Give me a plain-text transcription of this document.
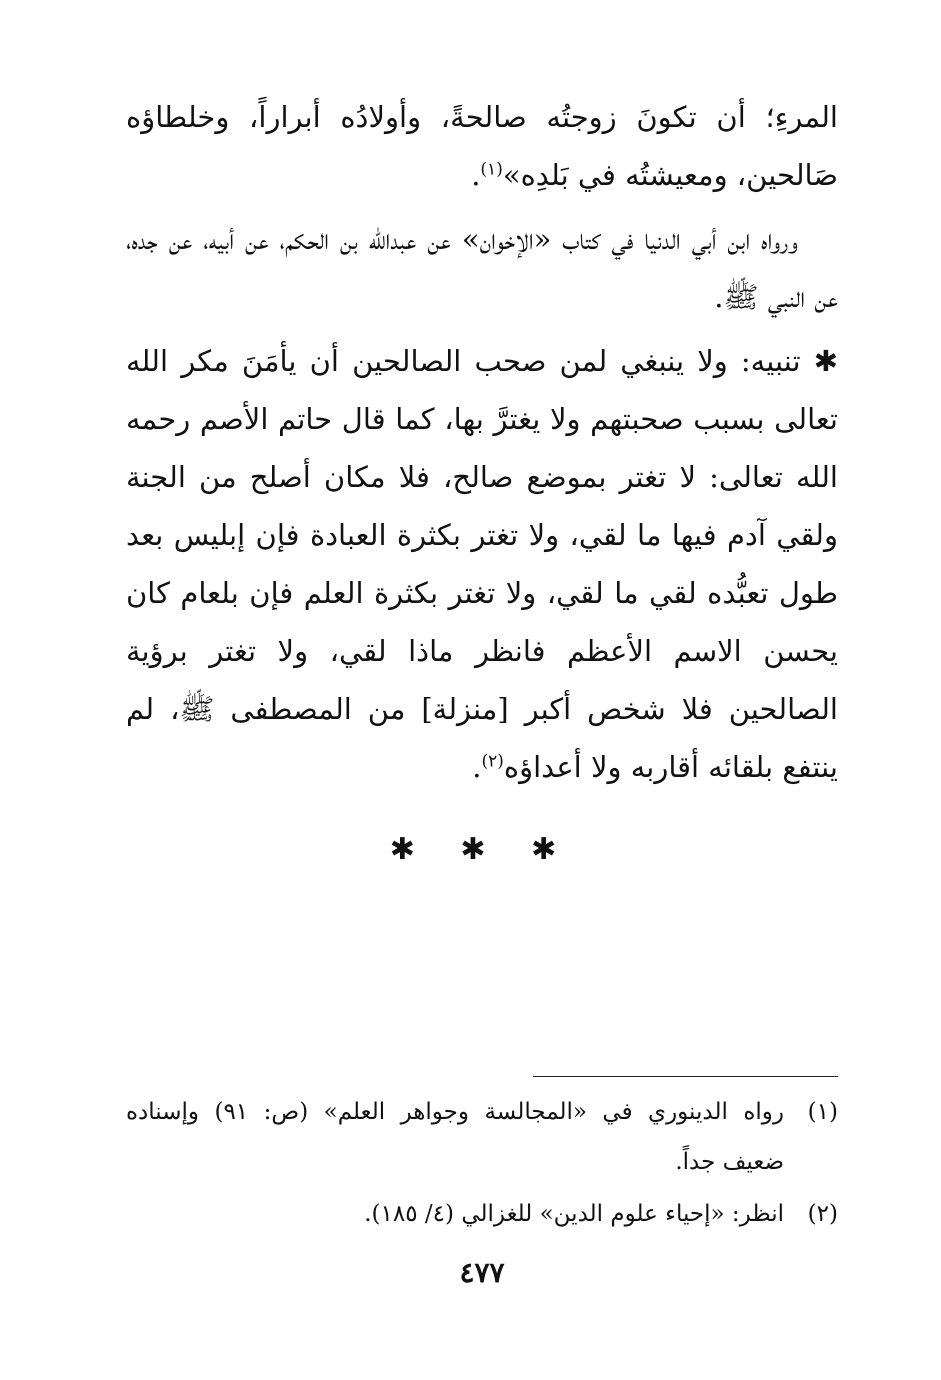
المرءِ؛ أن تكونَ زوجتُه صالحةً، وأولادُه أبراراً، وخلطاؤه صَالحين، ومعيشتُه في بَلدِه»$^{(١)}$.

ورواه ابن أبي الدنيا في كتاب «الإخوان» عن عبدالله بن الحكم، عن أبيه، عن جده، عن النبي ﷺ.

✱ تنبيه: ولا ينبغي لمن صحب الصالحين أن يأمَنَ مكر الله تعالى بسبب صحبتهم ولا يغترَّ بها، كما قال حاتم الأصم رحمه الله تعالى: لا تغتر بموضع صالح، فلا مكان أصلح من الجنة ولقي آدم فيها ما لقي، ولا تغتر بكثرة العبادة فإن إبليس بعد طول تعبُّده لقي ما لقي، ولا تغتر بكثرة العلم فإن بلعام كان يحسن الاسم الأعظم فانظر ماذا لقي، ولا تغتر برؤية الصالحين فلا شخص أكبر [منزلة] من المصطفى ﷺ، لم ينتفع بلقائه أقاربه ولا أعداؤه$^{(٢)}$.

✱ ✱ ✱
(١)
رواه الدينوري في «المجالسة وجواهر العلم» (ص: ٩١) وإسناده ضعيف جداً.
(٢)
انظر: «إحياء علوم الدين» للغزالي (٤/ ١٨٥).
٤٧٧
